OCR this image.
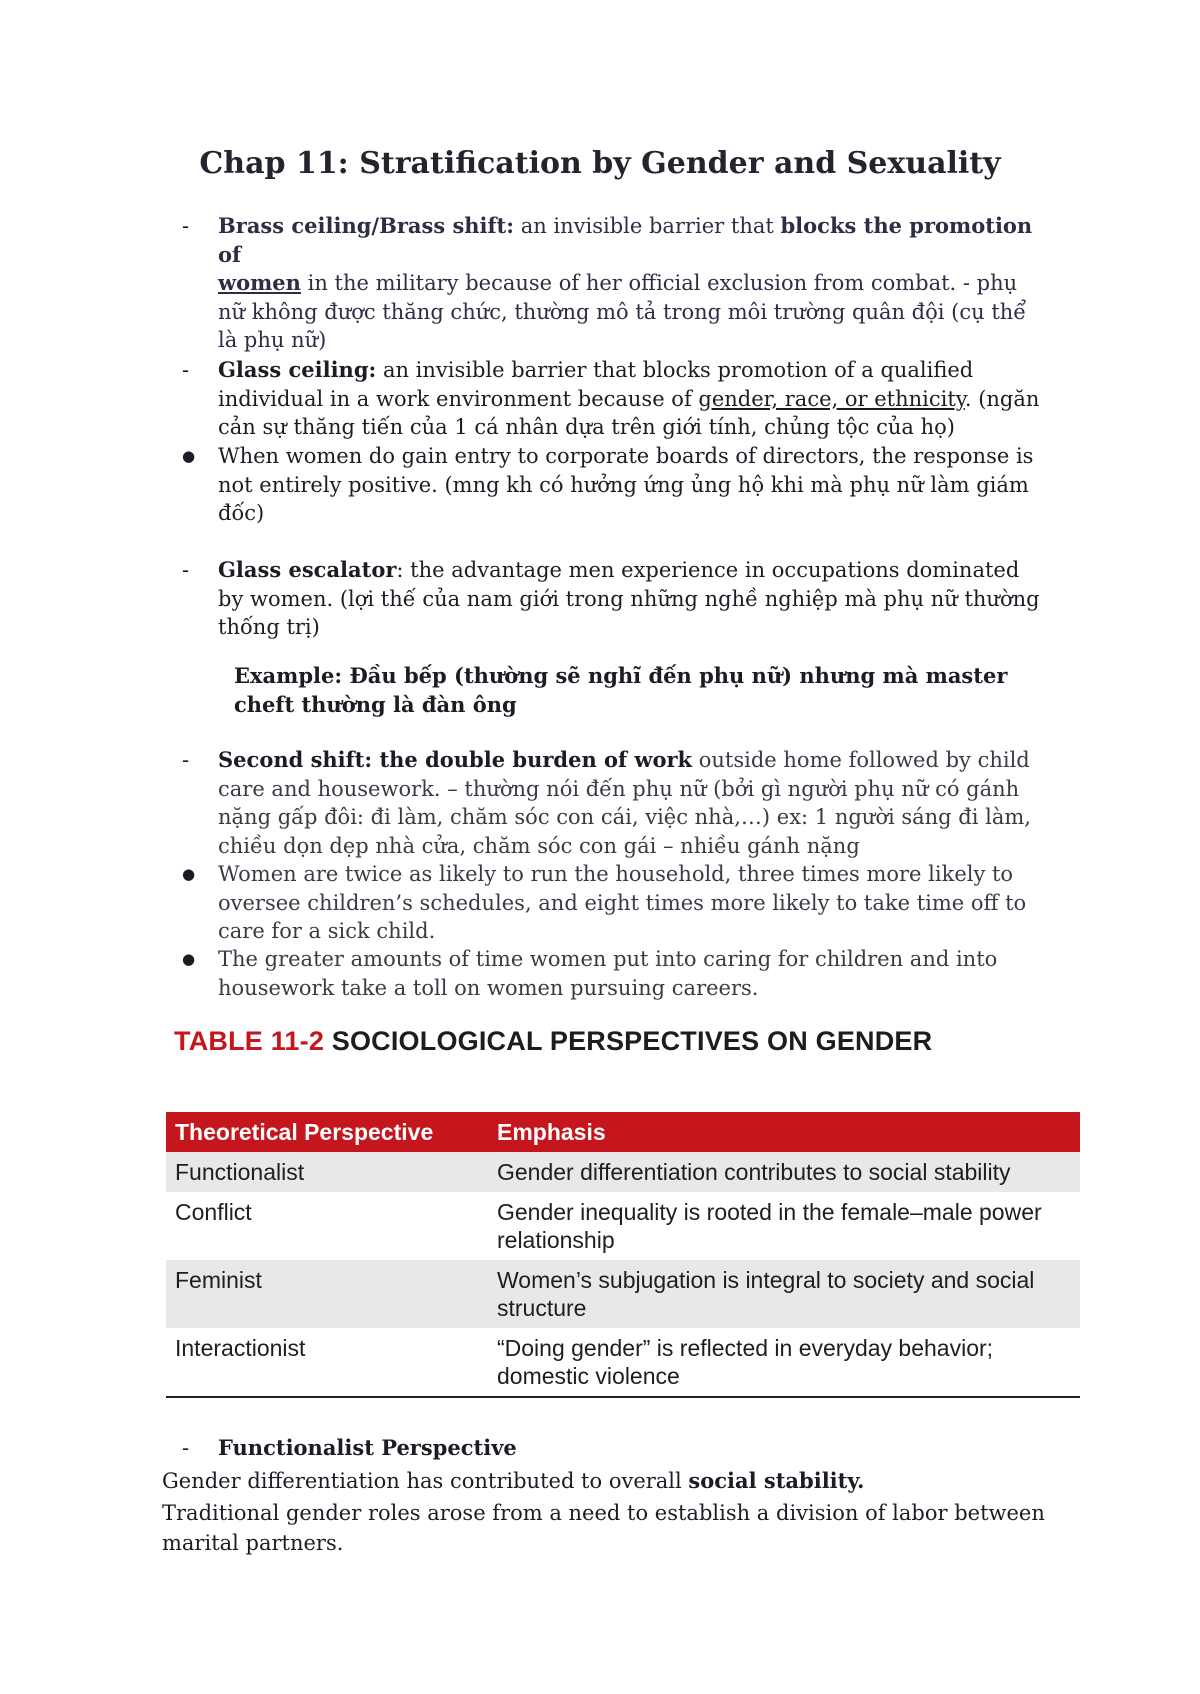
Chap 11: Stratification by Gender and Sexuality
- Brass ceiling/Brass shift: an invisible barrier that blocks the promotion of
women in the military because of her official exclusion from combat. - phụ nữ không được thăng chức, thường mô tả trong môi trường quân đội (cụ thể là phụ nữ)
- Glass ceiling: an invisible barrier that blocks promotion of a qualified individual in a work environment because of gender, race, or ethnicity. (ngăn cản sự thăng tiến của 1 cá nhân dựa trên giới tính, chủng tộc của họ)
● When women do gain entry to corporate boards of directors, the response is not entirely positive. (mng kh có hưởng ứng ủng hộ khi mà phụ nữ làm giám đốc)
- Glass escalator: the advantage men experience in occupations dominated by women. (lợi thế của nam giới trong những nghề nghiệp mà phụ nữ thường thống trị)
Example: Đầu bếp (thường sẽ nghĩ đến phụ nữ) nhưng mà master cheft thường là đàn ông
- Second shift: the double burden of work outside home followed by child care and housework. – thường nói đến phụ nữ (bởi gì người phụ nữ có gánh nặng gấp đôi: đi làm, chăm sóc con cái, việc nhà,…) ex: 1 người sáng đi làm, chiều dọn dẹp nhà cửa, chăm sóc con gái – nhiều gánh nặng
● Women are twice as likely to run the household, three times more likely to oversee children’s schedules, and eight times more likely to take time off to care for a sick child.
● The greater amounts of time women put into caring for children and into housework take a toll on women pursuing careers.
TABLE 11-2 SOCIOLOGICAL PERSPECTIVES ON GENDER
Theoretical Perspective	Emphasis
Functionalist	Gender differentiation contributes to social stability
Conflict	Gender inequality is rooted in the female–male power relationship
Feminist	Women’s subjugation is integral to society and social structure
Interactionist	“Doing gender” is reflected in everyday behavior; domestic violence
- Functionalist Perspective
Gender differentiation has contributed to overall social stability.
Traditional gender roles arose from a need to establish a division of labor between marital partners.
